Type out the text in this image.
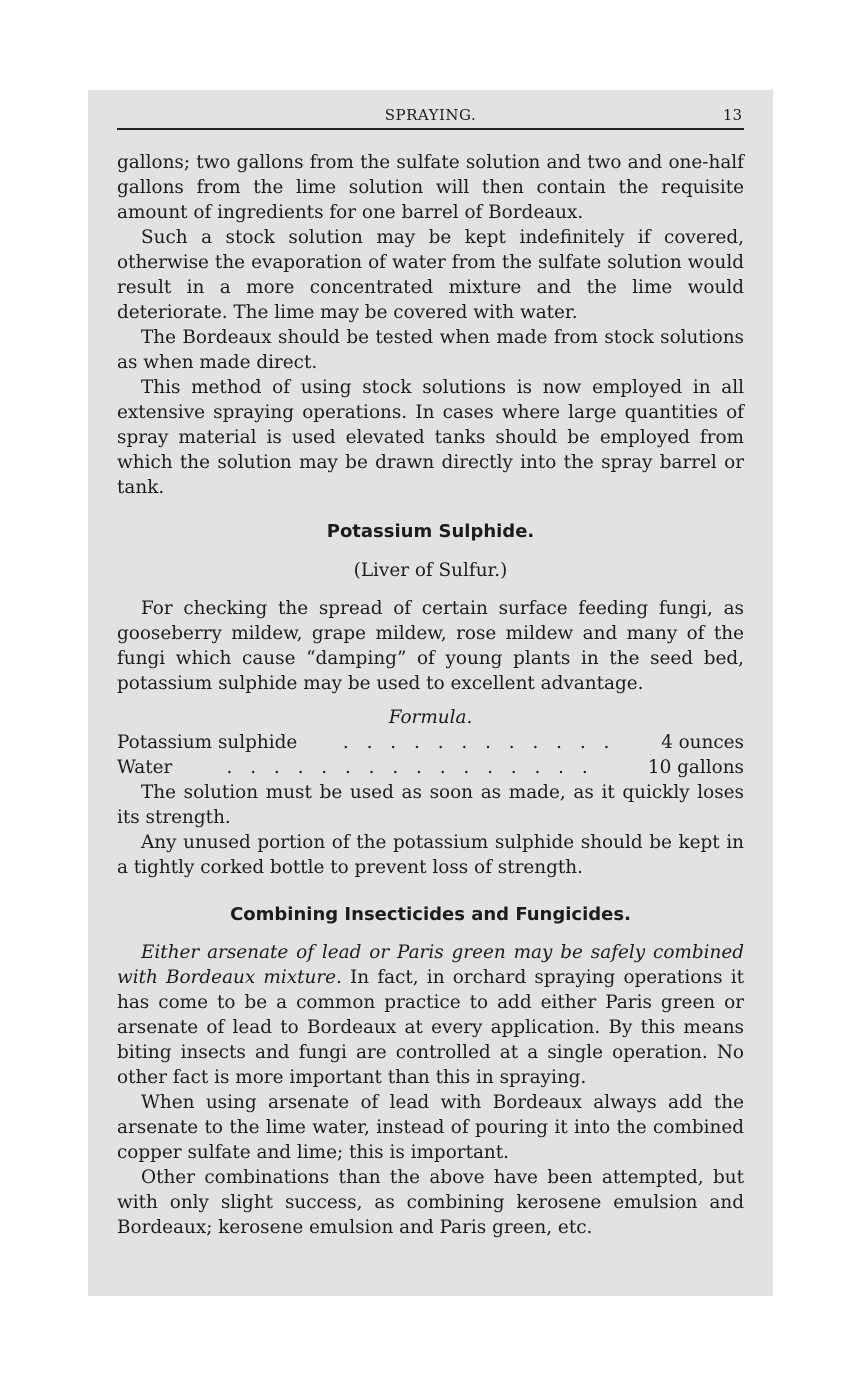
SPRAYING.	13

gallons; two gallons from the sulfate solution and two and one-half gallons from the lime solution will then contain the requisite amount of ingredients for one barrel of Bordeaux.

Such a stock solution may be kept indefinitely if covered, otherwise the evaporation of water from the sulfate solution would result in a more concentrated mixture and the lime would deteriorate. The lime may be covered with water.

The Bordeaux should be tested when made from stock solutions as when made direct.

This method of using stock solutions is now employed in all extensive spraying operations. In cases where large quantities of spray material is used elevated tanks should be employed from which the solution may be drawn directly into the spray barrel or tank.

Potassium Sulphide.
(Liver of Sulfur.)

For checking the spread of certain surface feeding fungi, as gooseberry mildew, grape mildew, rose mildew and many of the fungi which cause “damping” of young plants in the seed bed, potassium sulphide may be used to excellent advantage.

Formula.
Potassium sulphide	. . . . . . . . . . . .	4 ounces
Water	. . . . . . . . . . . . . . . .	10 gallons

The solution must be used as soon as made, as it quickly loses its strength.

Any unused portion of the potassium sulphide should be kept in a tightly corked bottle to prevent loss of strength.

Combining Insecticides and Fungicides.

Either arsenate of lead or Paris green may be safely combined with Bordeaux mixture. In fact, in orchard spraying operations it has come to be a common practice to add either Paris green or arsenate of lead to Bordeaux at every application. By this means biting insects and fungi are controlled at a single operation. No other fact is more important than this in spraying.

When using arsenate of lead with Bordeaux always add the arsenate to the lime water, instead of pouring it into the combined copper sulfate and lime; this is important.

Other combinations than the above have been attempted, but with only slight success, as combining kerosene emulsion and Bordeaux; kerosene emulsion and Paris green, etc.
